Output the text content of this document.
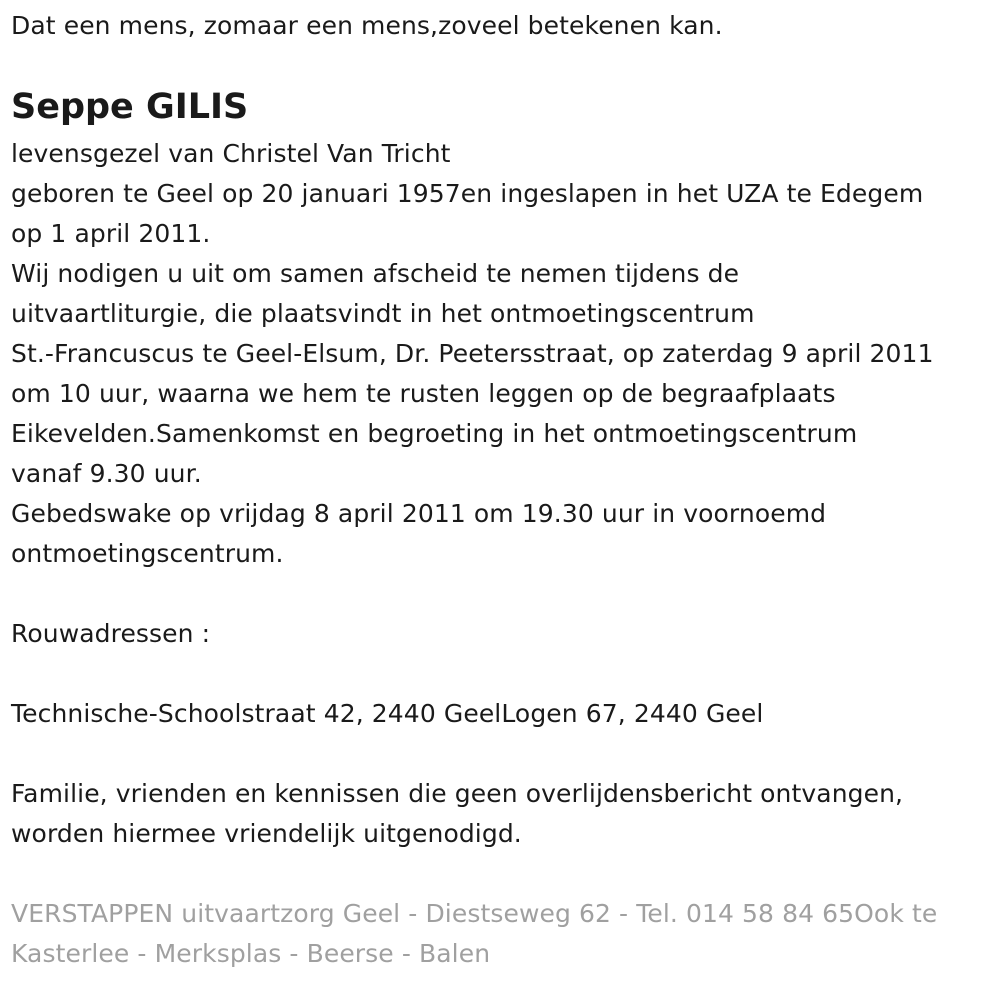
Dat een mens, zomaar een mens,zoveel betekenen kan.
Seppe GILIS
levensgezel van Christel Van Tricht
geboren te Geel op 20 januari 1957en ingeslapen in het UZA te Edegem
op 1 april 2011.
Wij nodigen u uit om samen afscheid te nemen tijdens de
uitvaartliturgie, die plaatsvindt in het ontmoetingscentrum
St.-Francuscus te Geel-Elsum, Dr. Peetersstraat, op zaterdag 9 april 2011
om 10 uur, waarna we hem te rusten leggen op de begraafplaats
Eikevelden.Samenkomst en begroeting in het ontmoetingscentrum
vanaf 9.30 uur.
Gebedswake op vrijdag 8 april 2011 om 19.30 uur in voornoemd
ontmoetingscentrum.
Rouwadressen :
Technische-Schoolstraat 42, 2440 GeelLogen 67, 2440 Geel
Familie, vrienden en kennissen die geen overlijdensbericht ontvangen,
worden hiermee vriendelijk uitgenodigd.
VERSTAPPEN uitvaartzorg Geel - Diestseweg 62 - Tel. 014 58 84 65Ook te
Kasterlee - Merksplas - Beerse - Balen
